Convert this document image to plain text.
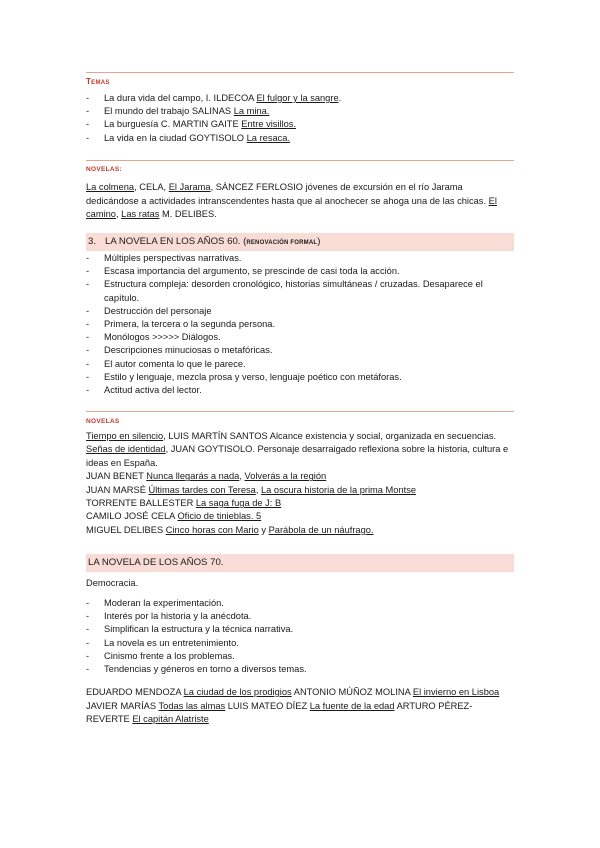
Temas
- La dura vida del campo, I. ILDECOA El fulgor y la sangre.
- El mundo del trabajo SALINAS La mina.
- La burguesía C. MARTIN GAITE Entre visillos.
- La vida en la ciudad GOYTISOLO La resaca.
NOVELAS:
La colmena, CELA, El Jarama, SÁNCEZ FERLOSIO jóvenes de excursión en el río Jarama dedicándose a actividades intranscendentes hasta que al anochecer se ahoga una de las chicas. El camino, Las ratas M. DELIBES.
3. LA NOVELA EN LOS AÑOS 60. (RENOVACIÓN FORMAL)
- Múltiples perspectivas narrativas.
- Escasa importancia del argumento, se prescinde de casi toda la acción.
- Estructura compleja: desorden cronológico, historias simultáneas / cruzadas. Desaparece el capítulo.
- Destrucción del personaje
- Primera, la tercera o la segunda persona.
- Monólogos >>>>> Diálogos.
- Descripciones minuciosas o metafóricas.
- El autor comenta lo que le parece.
- Estilo y lenguaje, mezcla prosa y verso, lenguaje poético con metáforas.
- Actitud activa del lector.
NOVELAS
Tiempo en silencio, LUIS MARTÍN SANTOS Alcance existencia y social, organizada en secuencias.
Señas de identidad, JUAN GOYTISOLO. Personaje desarraigado reflexiona sobre la historia, cultura e ideas en España.
JUAN BENET Nunca llegarás a nada, Volverás a la región
JUAN MARSÉ Últimas tardes con Teresa, La oscura historia de la prima Montse
TORRENTE BALLESTER La saga fuga de J: B
CAMILO JOSÉ CELA Oficio de tinieblas. 5
MIGUEL DELIBES Cinco horas con Mario y Parábola de un náufrago.
LA NOVELA DE LOS AÑOS 70.
Democracia.
- Moderan la experimentación.
- Interés por la historia y la anécdota.
- Simplifican la estructura y la técnica narrativa.
- La novela es un entretenimiento.
- Cinismo frente a los problemas.
- Tendencias y géneros en torno a diversos temas.
EDUARDO MENDOZA La ciudad de los prodigios ANTONIO MÚÑOZ MOLINA El invierno en Lisboa JAVIER MARÍAS Todas las almas LUIS MATEO DÍEZ La fuente de la edad ARTURO PÉREZ-REVERTE El capitán Alatriste
